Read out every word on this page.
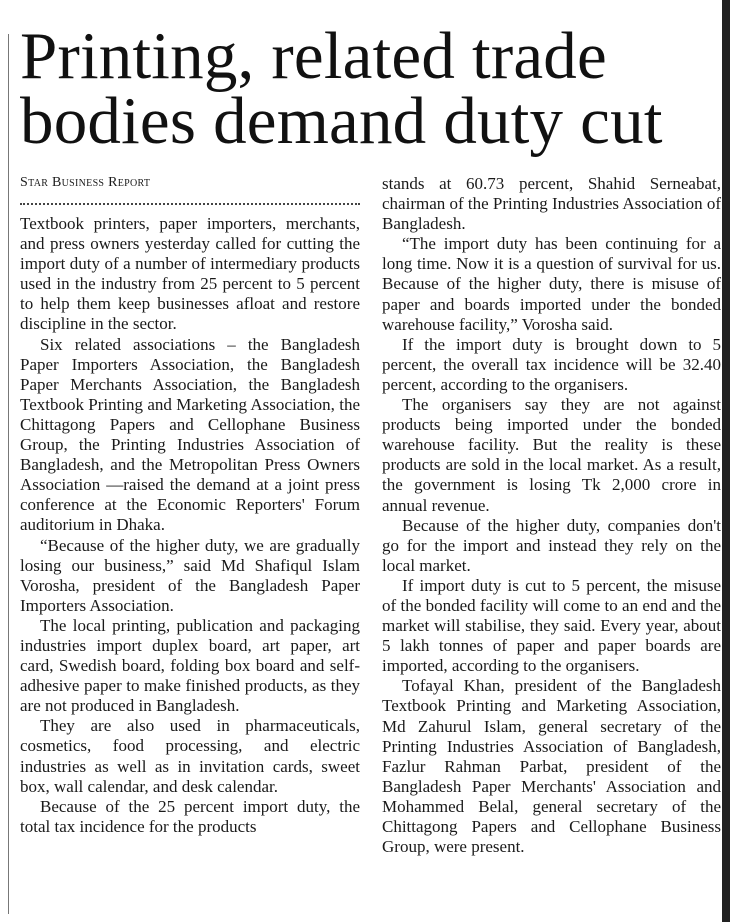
Printing, related trade bodies demand duty cut

Star Business Report

Textbook printers, paper importers, merchants, and press owners yesterday called for cutting the import duty of a number of intermediary products used in the industry from 25 percent to 5 percent to help them keep businesses afloat and restore discipline in the sector.

Six related associations – the Bangladesh Paper Importers Association, the Bangladesh Paper Merchants Association, the Bangladesh Textbook Printing and Marketing Association, the Chittagong Papers and Cellophane Business Group, the Printing Industries Association of Bangladesh, and the Metropolitan Press Owners Association —raised the demand at a joint press conference at the Economic Reporters' Forum auditorium in Dhaka.

“Because of the higher duty, we are gradually losing our business,” said Md Shafiqul Islam Vorosha, president of the Bangladesh Paper Importers Association.

The local printing, publication and packaging industries import duplex board, art paper, art card, Swedish board, folding box board and self-adhesive paper to make finished products, as they are not produced in Bangladesh.

They are also used in pharmaceuticals, cosmetics, food processing, and electric industries as well as in invitation cards, sweet box, wall calendar, and desk calendar.

Because of the 25 percent import duty, the total tax incidence for the products

stands at 60.73 percent, Shahid Serneabat, chairman of the Printing Industries Association of Bangladesh.

“The import duty has been continuing for a long time. Now it is a question of survival for us. Because of the higher duty, there is misuse of paper and boards imported under the bonded warehouse facility,” Vorosha said.

If the import duty is brought down to 5 percent, the overall tax incidence will be 32.40 percent, according to the organisers.

The organisers say they are not against products being imported under the bonded warehouse facility. But the reality is these products are sold in the local market. As a result, the government is losing Tk 2,000 crore in annual revenue.

Because of the higher duty, companies don't go for the import and instead they rely on the local market.

If import duty is cut to 5 percent, the misuse of the bonded facility will come to an end and the market will stabilise, they said. Every year, about 5 lakh tonnes of paper and paper boards are imported, according to the organisers.

Tofayal Khan, president of the Bangladesh Textbook Printing and Marketing Association, Md Zahurul Islam, general secretary of the Printing Industries Association of Bangladesh, Fazlur Rahman Parbat, president of the Bangladesh Paper Merchants' Association and Mohammed Belal, general secretary of the Chittagong Papers and Cellophane Business Group, were present.
